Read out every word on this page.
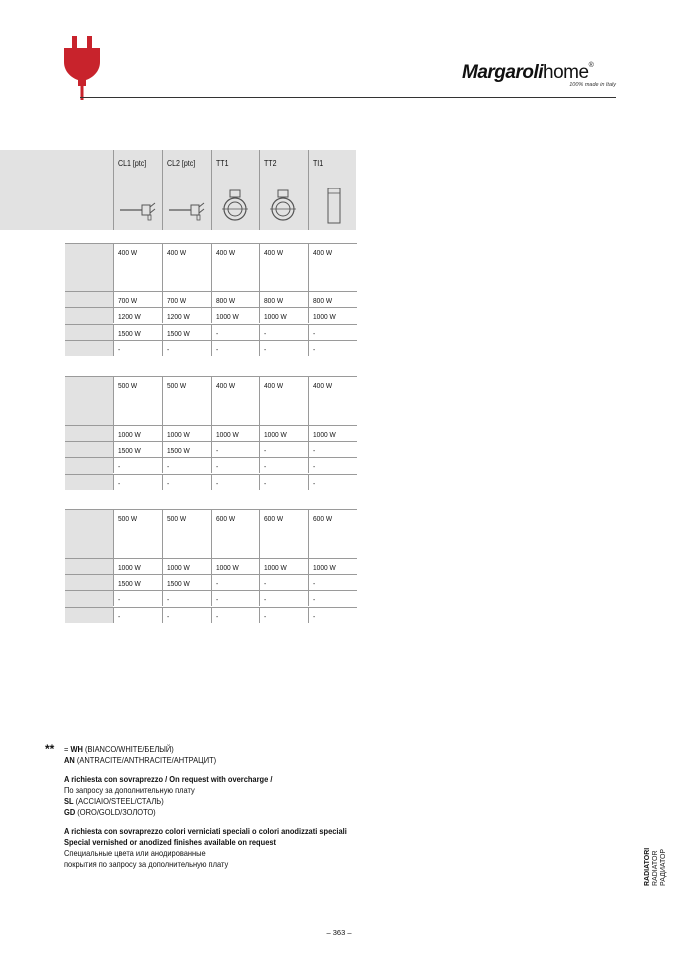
Margarolihome®
100% made in Italy
CL1 [ptc]	CL2 [ptc]	TT1	TT2	TI1
400 W	400 W	400 W	400 W	400 W
700 W	700 W	800 W	800 W	800 W
1200 W	1200 W	1000 W	1000 W	1000 W
1500 W	1500 W	-	-	-
-	-	-	-	-
500 W	500 W	400 W	400 W	400 W
1000 W	1000 W	1000 W	1000 W	1000 W
1500 W	1500 W	-	-	-
-	-	-	-	-
-	-	-	-	-
500 W	500 W	600 W	600 W	600 W
1000 W	1000 W	1000 W	1000 W	1000 W
1500 W	1500 W	-	-	-
-	-	-	-	-
-	-	-	-	-
** = WH (BIANCO/WHITE/БЕЛЫЙ)

AN (ANTRACITE/ANTHRACITE/АНТРАЦИТ)

A richiesta con sovraprezzo / On request with overcharge /

По запросу за дополнительную плату

SL (ACCIAIO/STEEL/СТАЛЬ)

GD (ORO/GOLD/ЗОЛОТО)

A richiesta con sovraprezzo colori verniciati speciali o colori anodizzati speciali

Special vernished or anodized finishes available on request

Специальные цвета или анодированные

покрытия по запросу за дополнительную плату	RADIATORI RADIATOR РАДИАТОР
– 363 –
